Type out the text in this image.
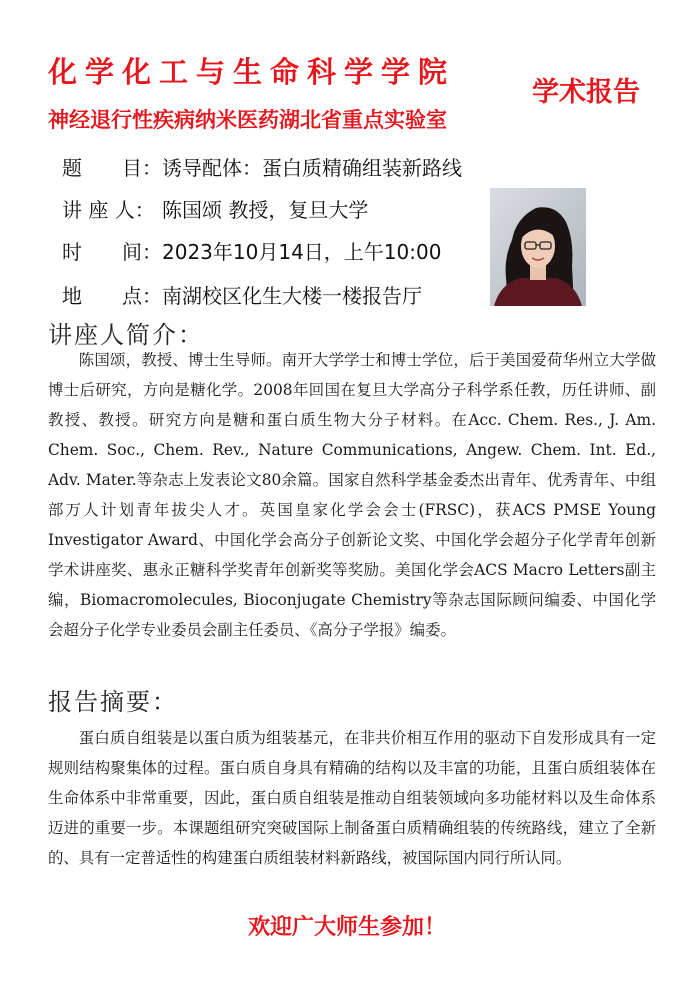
化学化工与生命科学学院
学术报告
神经退行性疾病纳米医药湖北省重点实验室
题　　目： 诱导配体：蛋白质精确组装新路线
讲 座 人： 陈国颂 教授，复旦大学
时　　间： 2023年10月14日，上午10:00
地　　点： 南湖校区化生大楼一楼报告厅
讲座人简介：
陈国颂，教授、博士生导师。南开大学学士和博士学位，后于美国爱荷华州立大学做博士后研究，方向是糖化学。2008年回国在复旦大学高分子科学系任教，历任讲师、副教授、教授。研究方向是糖和蛋白质生物大分子材料。在Acc. Chem. Res., J. Am. Chem. Soc., Chem. Rev., Nature Communications, Angew. Chem. Int. Ed., Adv. Mater.等杂志上发表论文80余篇。国家自然科学基金委杰出青年、优秀青年、中组部万人计划青年拔尖人才。英国皇家化学会会士(FRSC)，获ACS PMSE Young Investigator Award、中国化学会高分子创新论文奖、中国化学会超分子化学青年创新学术讲座奖、惠永正糖科学奖青年创新奖等奖励。美国化学会ACS Macro Letters副主编，Biomacromolecules, Bioconjugate Chemistry等杂志国际顾问编委、中国化学会超分子化学专业委员会副主任委员、《高分子学报》编委。
报告摘要：
蛋白质自组装是以蛋白质为组装基元，在非共价相互作用的驱动下自发形成具有一定规则结构聚集体的过程。蛋白质自身具有精确的结构以及丰富的功能，且蛋白质组装体在生命体系中非常重要，因此，蛋白质自组装是推动自组装领域向多功能材料以及生命体系迈进的重要一步。本课题组研究突破国际上制备蛋白质精确组装的传统路线，建立了全新的、具有一定普适性的构建蛋白质组装材料新路线，被国际国内同行所认同。
欢迎广大师生参加！
